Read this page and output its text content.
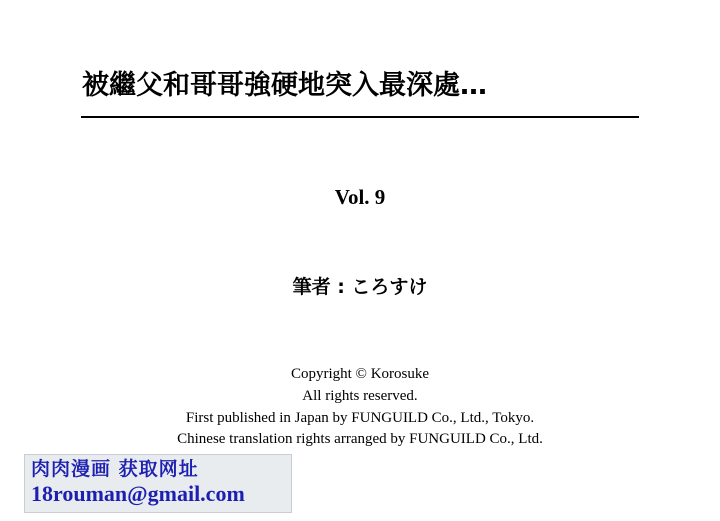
被繼父和哥哥強硬地突入最深處…
Vol. 9
筆者 : ころすけ
Copyright © Korosuke
All rights reserved.
First published in Japan by FUNGUILD Co., Ltd., Tokyo.
Chinese translation rights arranged by FUNGUILD Co., Ltd.
肉肉漫画 获取网址
18rouman@gmail.com
